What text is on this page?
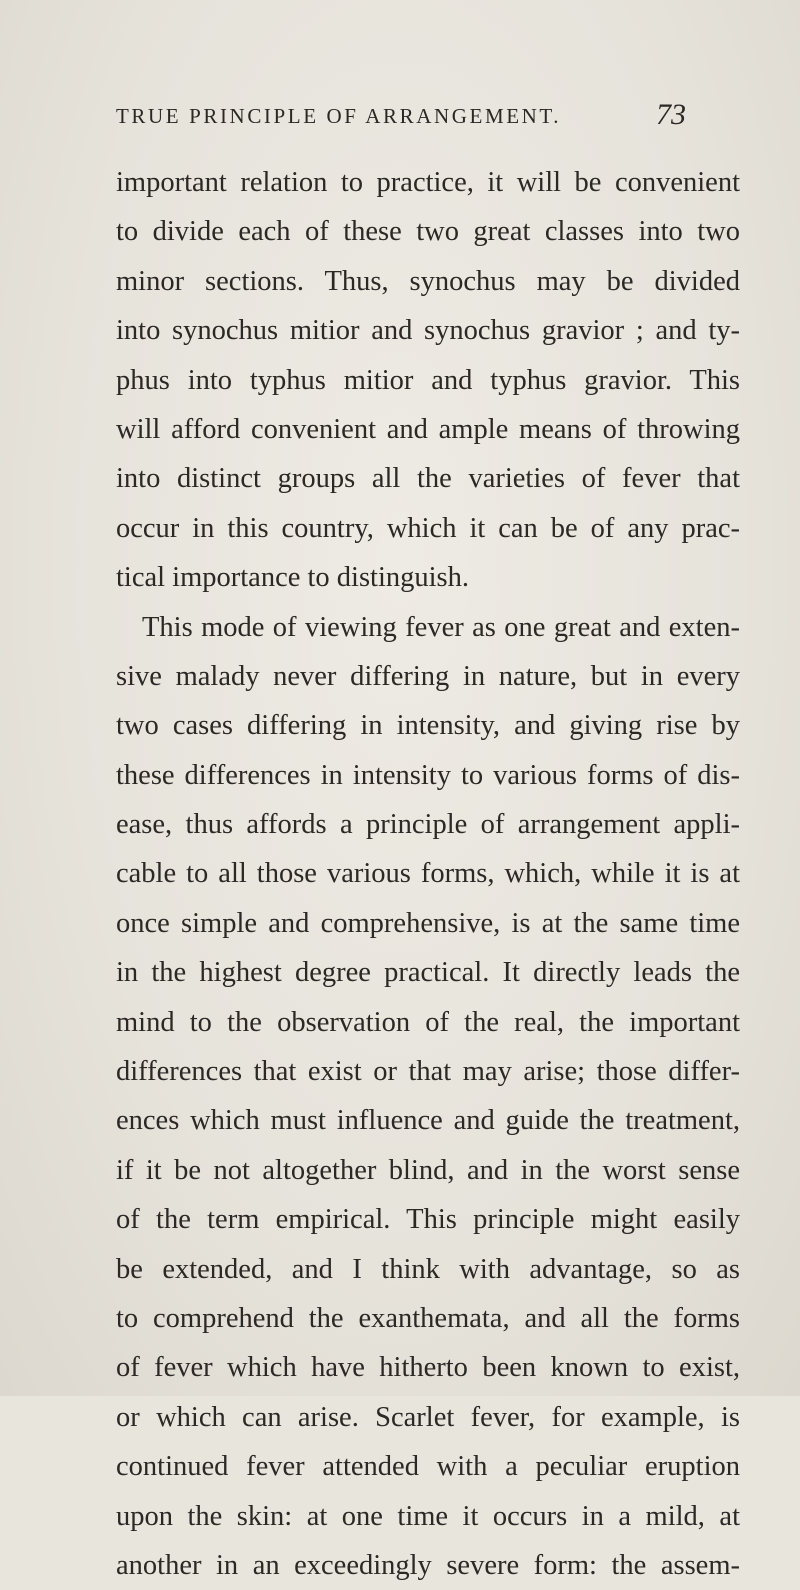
TRUE PRINCIPLE OF ARRANGEMENT.	73
important relation to practice, it will be convenient
to divide each of these two great classes into two
minor sections. Thus, synochus may be divided
into synochus mitior and synochus gravior ; and ty-
phus into typhus mitior and typhus gravior. This
will afford convenient and ample means of throwing
into distinct groups all the varieties of fever that
occur in this country, which it can be of any prac-
tical importance to distinguish.
This mode of viewing fever as one great and exten-
sive malady never differing in nature, but in every
two cases differing in intensity, and giving rise by
these differences in intensity to various forms of dis-
ease, thus affords a principle of arrangement appli-
cable to all those various forms, which, while it is at
once simple and comprehensive, is at the same time
in the highest degree practical. It directly leads the
mind to the observation of the real, the important
differences that exist or that may arise; those differ-
ences which must influence and guide the treatment,
if it be not altogether blind, and in the worst sense
of the term empirical. This principle might easily
be extended, and I think with advantage, so as
to comprehend the exanthemata, and all the forms
of fever which have hitherto been known to exist,
or which can arise. Scarlet fever, for example, is
continued fever attended with a peculiar eruption
upon the skin: at one time it occurs in a mild, at
another in an exceedingly severe form: the assem-
